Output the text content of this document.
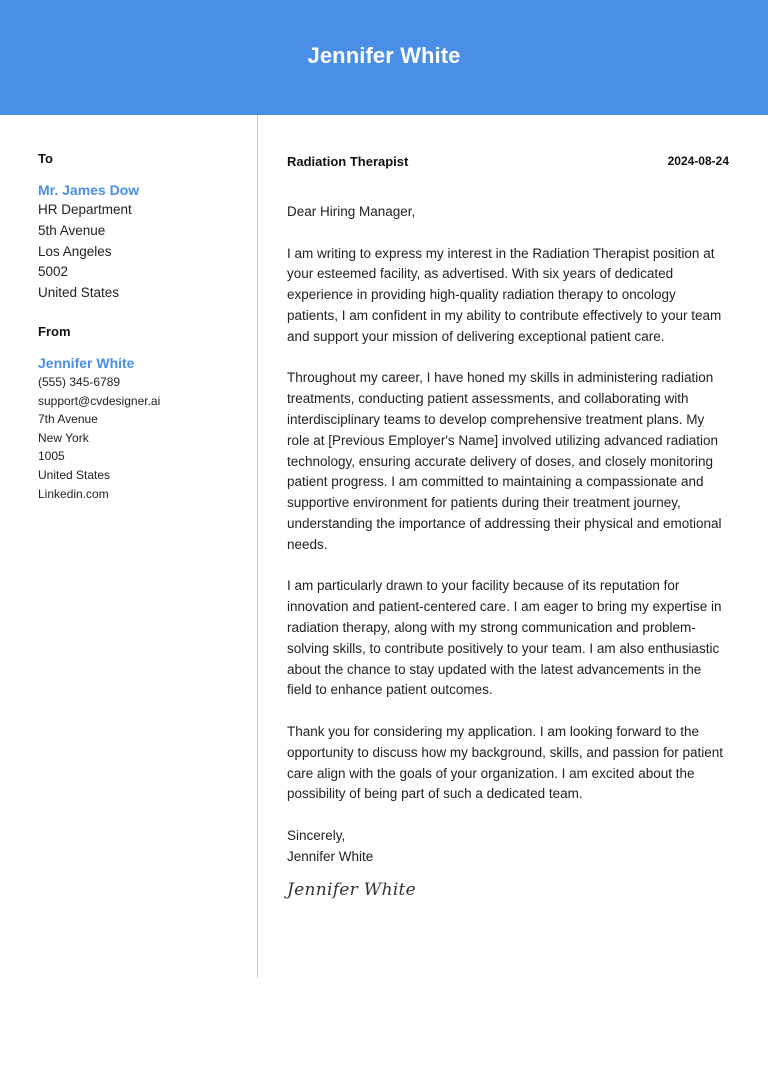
Jennifer White
To
Mr. James Dow
HR Department
5th Avenue
Los Angeles
5002
United States
From
Jennifer White
(555) 345-6789
support@cvdesigner.ai
7th Avenue
New York
1005
United States
Linkedin.com
Radiation Therapist	2024-08-24

Dear Hiring Manager,

I am writing to express my interest in the Radiation Therapist position at your esteemed facility, as advertised. With six years of dedicated experience in providing high-quality radiation therapy to oncology patients, I am confident in my ability to contribute effectively to your team and support your mission of delivering exceptional patient care.

Throughout my career, I have honed my skills in administering radiation treatments, conducting patient assessments, and collaborating with interdisciplinary teams to develop comprehensive treatment plans. My role at [Previous Employer's Name] involved utilizing advanced radiation technology, ensuring accurate delivery of doses, and closely monitoring patient progress. I am committed to maintaining a compassionate and supportive environment for patients during their treatment journey, understanding the importance of addressing their physical and emotional needs.

I am particularly drawn to your facility because of its reputation for innovation and patient-centered care. I am eager to bring my expertise in radiation therapy, along with my strong communication and problem-solving skills, to contribute positively to your team. I am also enthusiastic about the chance to stay updated with the latest advancements in the field to enhance patient outcomes.

Thank you for considering my application. I am looking forward to the opportunity to discuss how my background, skills, and passion for patient care align with the goals of your organization. I am excited about the possibility of being part of such a dedicated team.

Sincerely,
Jennifer White
Jennifer White
